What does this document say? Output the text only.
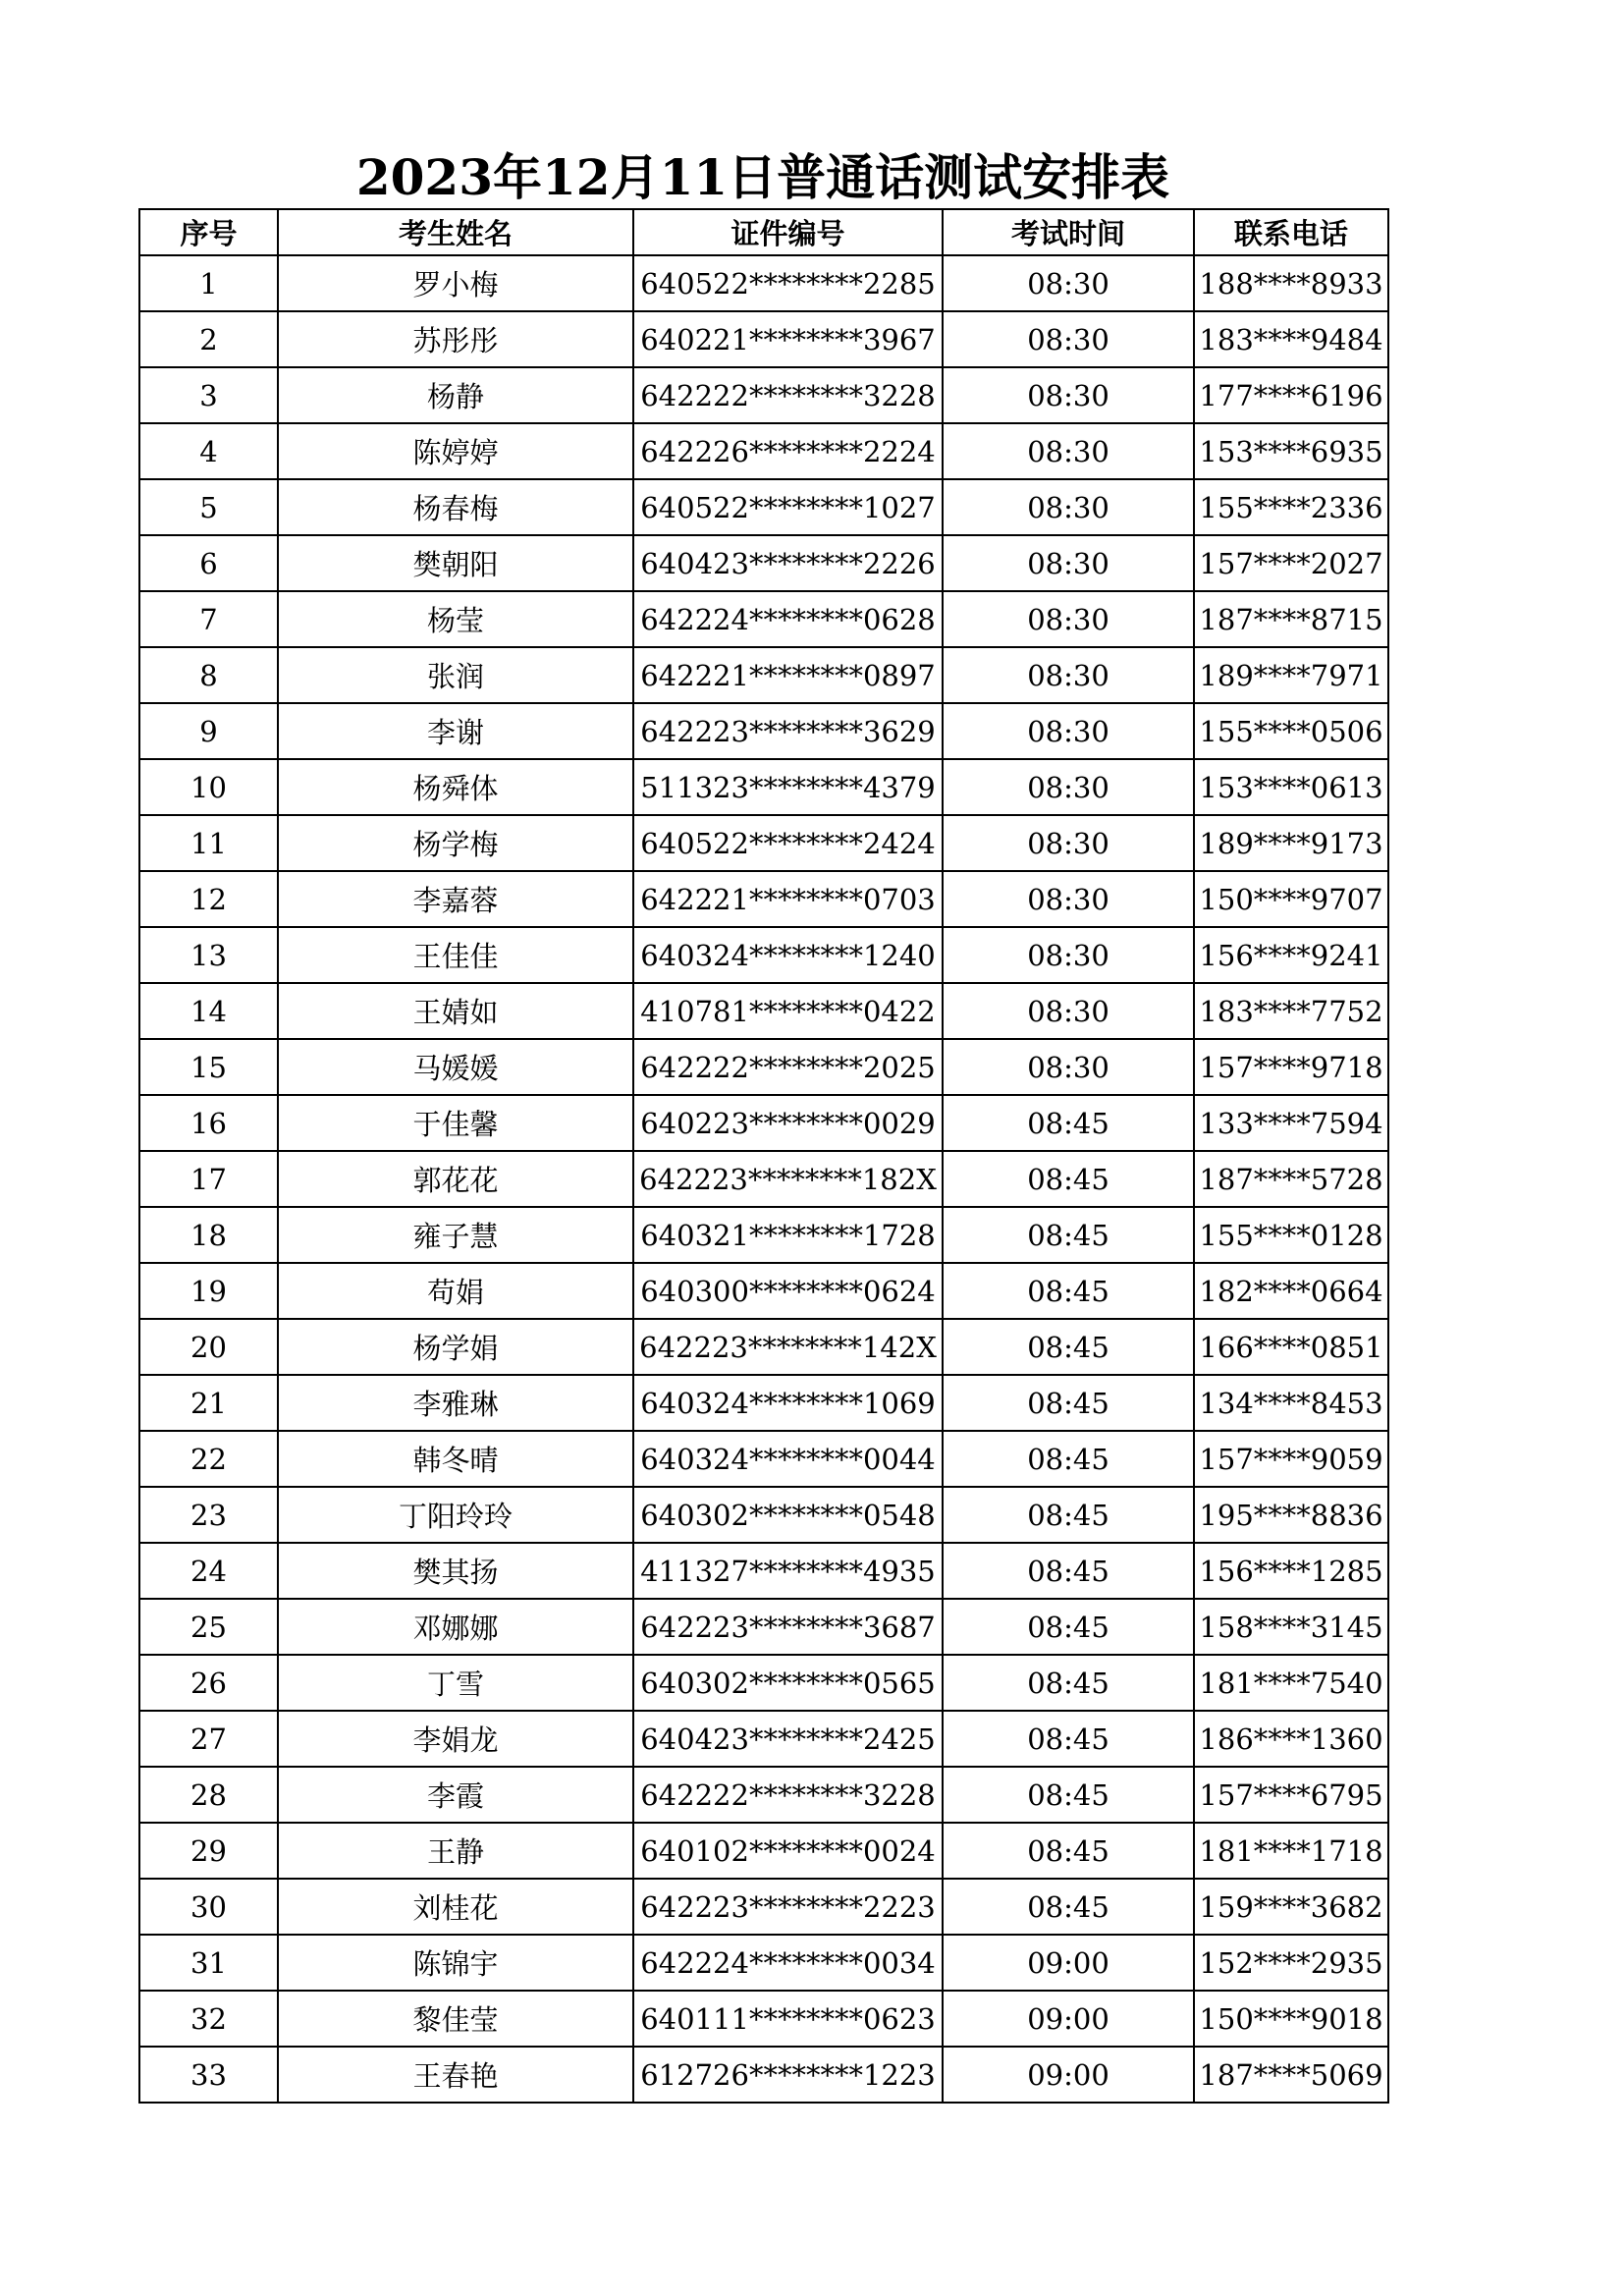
2023年12月11日普通话测试安排表
序号	考生姓名	证件编号	考试时间	联系电话
1	罗小梅	640522********2285	08:30	188****8933
2	苏彤彤	640221********3967	08:30	183****9484
3	杨静	642222********3228	08:30	177****6196
4	陈婷婷	642226********2224	08:30	153****6935
5	杨春梅	640522********1027	08:30	155****2336
6	樊朝阳	640423********2226	08:30	157****2027
7	杨莹	642224********0628	08:30	187****8715
8	张润	642221********0897	08:30	189****7971
9	李谢	642223********3629	08:30	155****0506
10	杨舜体	511323********4379	08:30	153****0613
11	杨学梅	640522********2424	08:30	189****9173
12	李嘉蓉	642221********0703	08:30	150****9707
13	王佳佳	640324********1240	08:30	156****9241
14	王婧如	410781********0422	08:30	183****7752
15	马媛媛	642222********2025	08:30	157****9718
16	于佳馨	640223********0029	08:45	133****7594
17	郭花花	642223********182X	08:45	187****5728
18	雍子慧	640321********1728	08:45	155****0128
19	苟娟	640300********0624	08:45	182****0664
20	杨学娟	642223********142X	08:45	166****0851
21	李雅琳	640324********1069	08:45	134****8453
22	韩冬晴	640324********0044	08:45	157****9059
23	丁阳玲玲	640302********0548	08:45	195****8836
24	樊其扬	411327********4935	08:45	156****1285
25	邓娜娜	642223********3687	08:45	158****3145
26	丁雪	640302********0565	08:45	181****7540
27	李娟龙	640423********2425	08:45	186****1360
28	李霞	642222********3228	08:45	157****6795
29	王静	640102********0024	08:45	181****1718
30	刘桂花	642223********2223	08:45	159****3682
31	陈锦宇	642224********0034	09:00	152****2935
32	黎佳莹	640111********0623	09:00	150****9018
33	王春艳	612726********1223	09:00	187****5069
